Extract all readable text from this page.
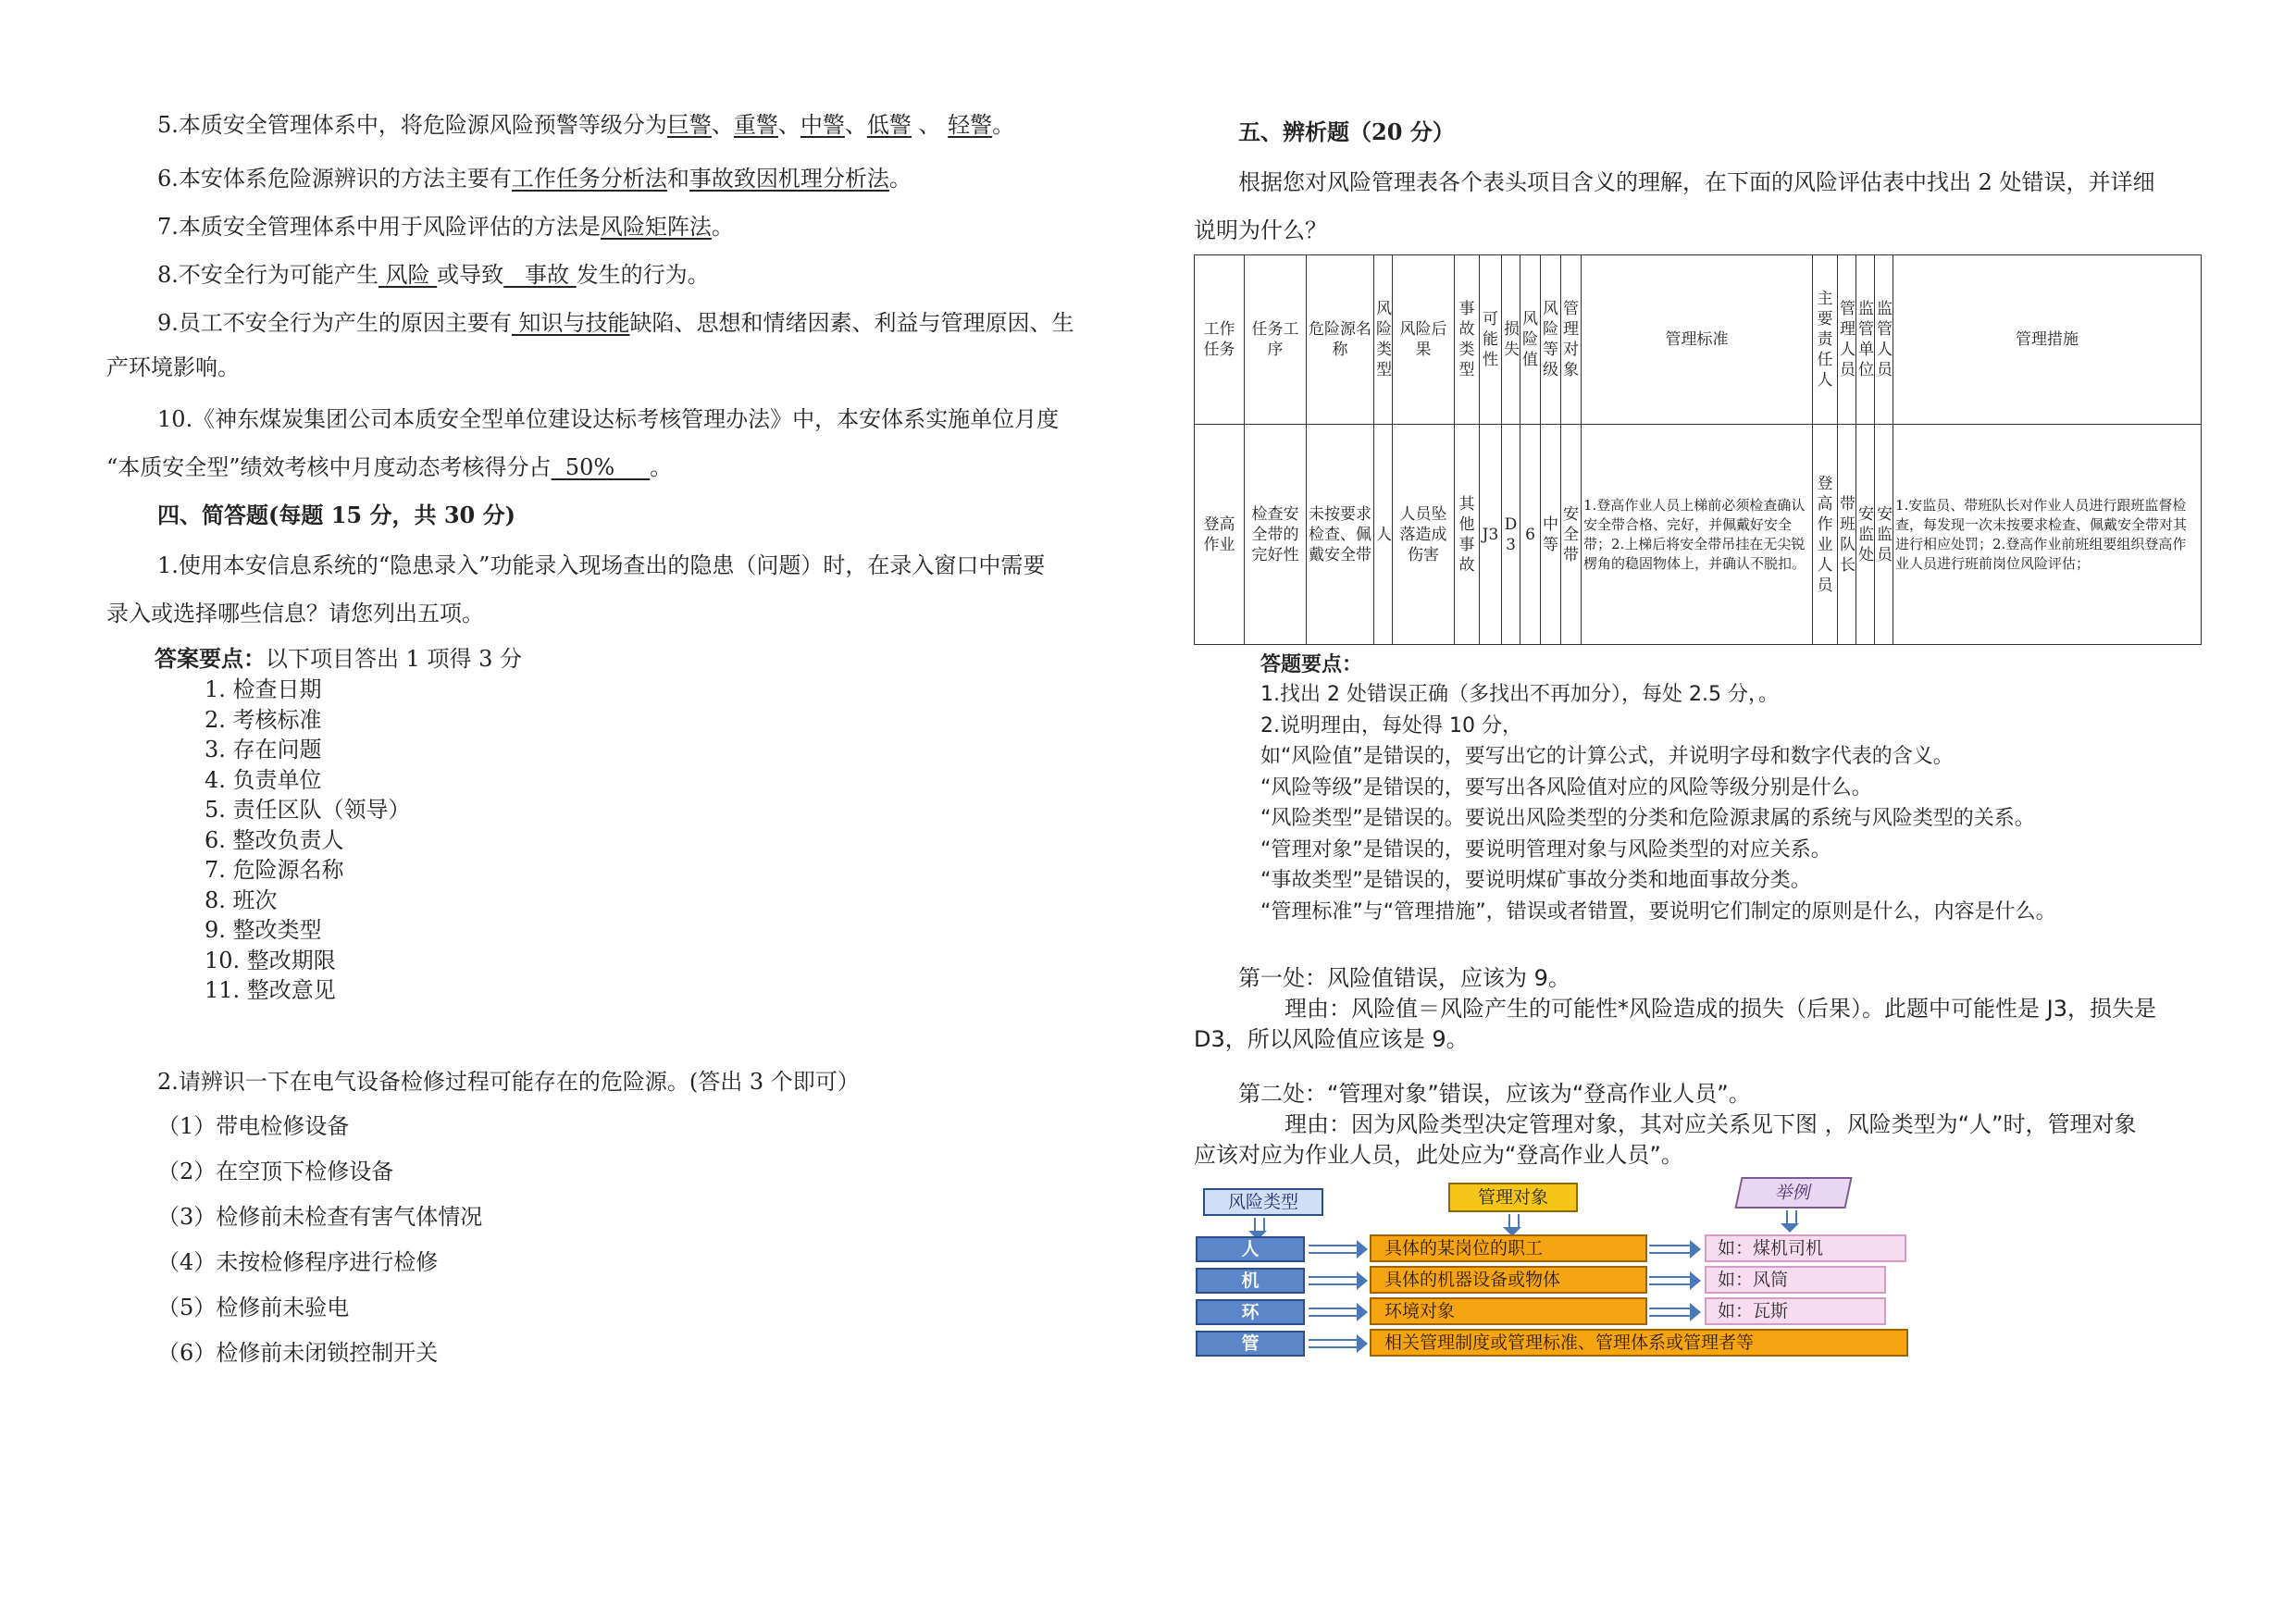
5.本质安全管理体系中，将危险源风险预警等级分为巨警、重警、中警、低警 、 轻警。
6.本安体系危险源辨识的方法主要有工作任务分析法和事故致因机理分析法。
7.本质安全管理体系中用于风险评估的方法是风险矩阵法。
8.不安全行为可能产生 风险 或导致   事故 发生的行为。
9.员工不安全行为产生的原因主要有 知识与技能缺陷、思想和情绪因素、利益与管理原因、生
产环境影响。
10.《神东煤炭集团公司本质安全型单位建设达标考核管理办法》中，本安体系实施单位月度
“本质安全型”绩效考核中月度动态考核得分占  50%     。
四、简答题(每题 15 分，共 30 分)
1.使用本安信息系统的“隐患录入”功能录入现场查出的隐患（问题）时，在录入窗口中需要
录入或选择哪些信息？请您列出五项。
答案要点：以下项目答出 1 项得 3 分
1. 检查日期
2. 考核标准
3. 存在问题
4. 负责单位
5. 责任区队（领导）
6. 整改负责人
7. 危险源名称
8. 班次
9. 整改类型
10. 整改期限
11. 整改意见
2.请辨识一下在电气设备检修过程可能存在的危险源。(答出 3 个即可）
（1）带电检修设备
（2）在空顶下检修设备
（3）检修前未检查有害气体情况
（4）未按检修程序进行检修
（5）检修前未验电
（6）检修前未闭锁控制开关
五、辨析题（20 分）
根据您对风险管理表各个表头项目含义的理解，在下面的风险评估表中找出 2 处错误，并详细
说明为什么？
工作任务	任务工序	危险源名称	风险类型	风险后果	事故类型	可能性	损失	风险值	风险等级	管理对象	管理标准	主要责任人	管理人员	监管单位	监管人员	管理措施
登高作业	检查安全带的完好性	未按要求检查、佩戴安全带	人	人员坠落造成伤害	其他事故	J3	D3	6	中等	安全带	1.登高作业人员上梯前必须检查确认安全带合格、完好，并佩戴好安全带；2.上梯后将安全带吊挂在无尖锐楞角的稳固物体上，并确认不脱扣。	登高作业人员	带班队长	安监处	安监员	1.安监员、带班队长对作业人员进行跟班监督检查，每发现一次未按要求检查、佩戴安全带对其进行相应处罚；2.登高作业前班组要组织登高作业人员进行班前岗位风险评估；
答题要点：
1.找出 2 处错误正确（多找出不再加分），每处 2.5 分，。
2.说明理由，每处得 10 分，
如“风险值”是错误的，要写出它的计算公式，并说明字母和数字代表的含义。
“风险等级”是错误的，要写出各风险值对应的风险等级分别是什么。
“风险类型”是错误的。要说出风险类型的分类和危险源隶属的系统与风险类型的关系。
“管理对象”是错误的，要说明管理对象与风险类型的对应关系。
“事故类型”是错误的，要说明煤矿事故分类和地面事故分类。
“管理标准”与“管理措施”，错误或者错置，要说明它们制定的原则是什么，内容是什么。
第一处：风险值错误，应该为 9。
理由：风险值＝风险产生的可能性*风险造成的损失（后果）。此题中可能性是 J3，损失是
D3，所以风险值应该是 9。
第二处：“管理对象”错误，应该为“登高作业人员”。
理由：因为风险类型决定管理对象，其对应关系见下图 ，风险类型为“人”时，管理对象
应该对应为作业人员，此处应为“登高作业人员”。
风险类型	管理对象	举例
人	具体的某岗位的职工	如：煤机司机
机	具体的机器设备或物体	如：风筒
环	环境对象	如：瓦斯
管	相关管理制度或管理标准、管理体系或管理者等
